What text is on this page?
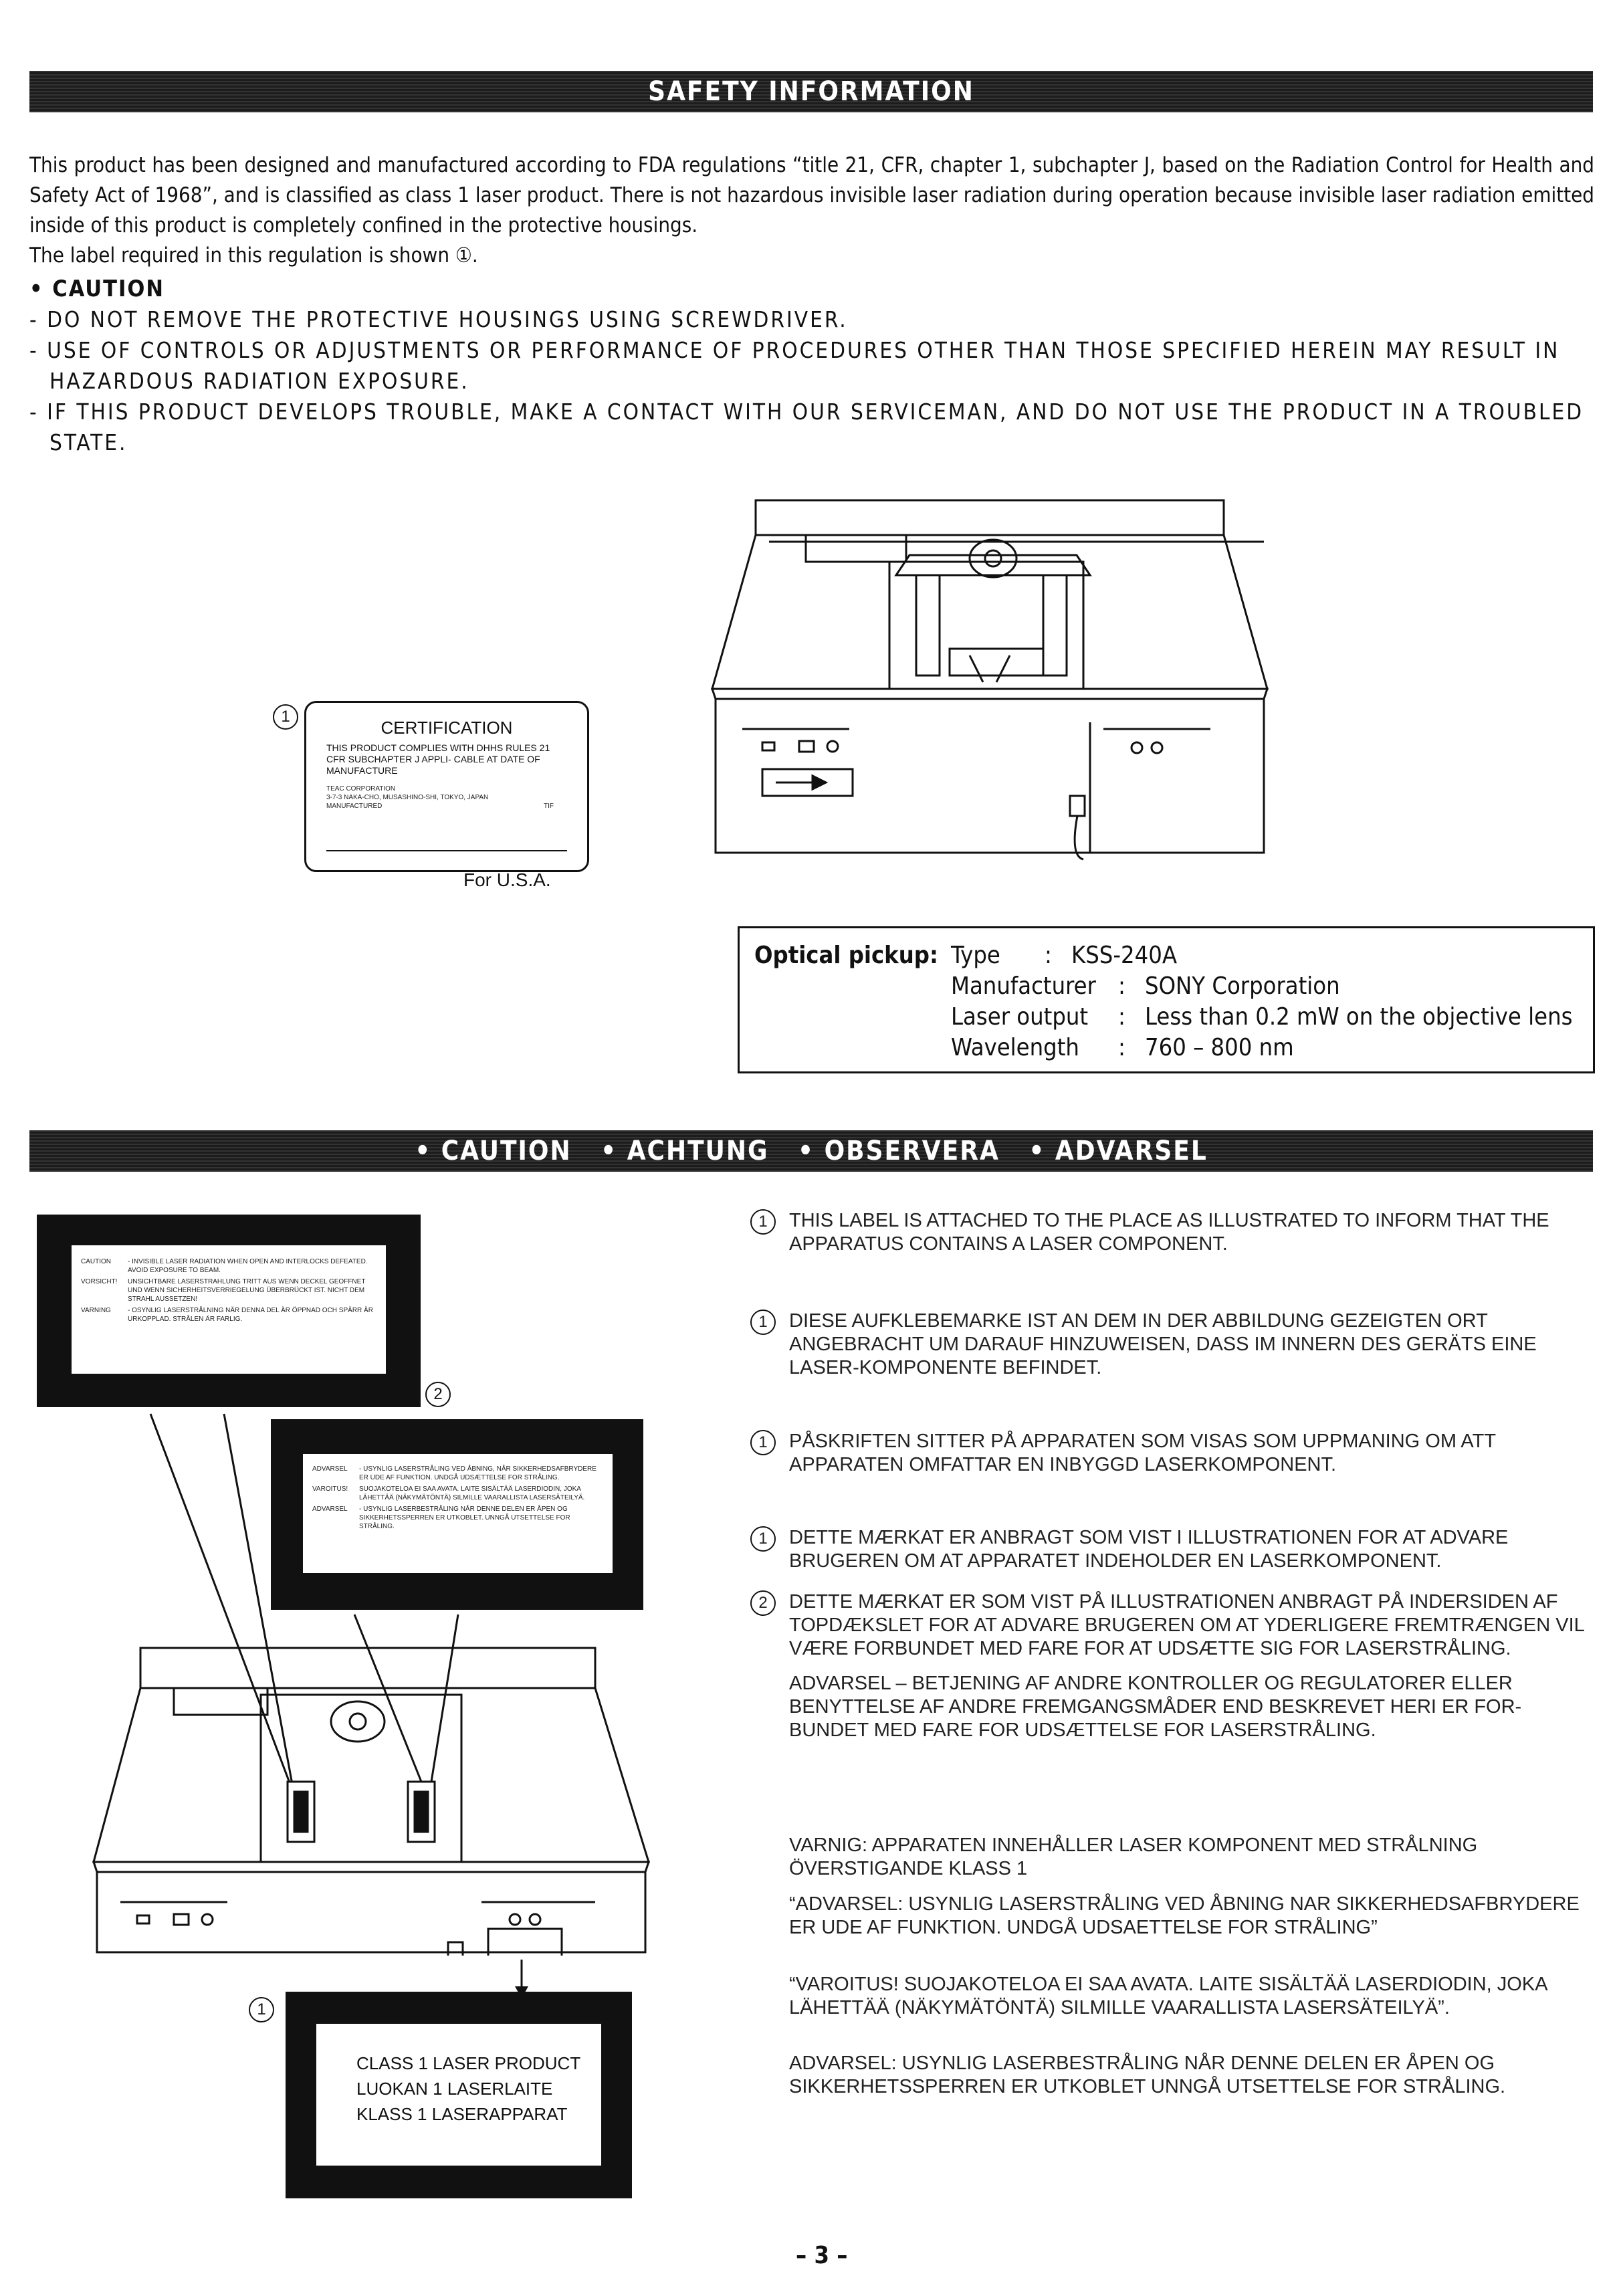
SAFETY INFORMATION

This product has been designed and manufactured according to FDA regulations “title 21, CFR, chapter 1, subchapter J, based on the Radiation Control for Health and Safety Act of 1968”, and is classified as class 1 laser product. There is not hazardous invisible laser radiation during operation because invisible laser radiation emitted inside of this product is completely confined in the protective housings.

The label required in this regulation is shown ①.

• CAUTION
- DO NOT REMOVE THE PROTECTIVE HOUSINGS USING SCREWDRIVER.
- USE OF CONTROLS OR ADJUSTMENTS OR PERFORMANCE OF PROCEDURES OTHER THAN THOSE SPECIFIED HEREIN MAY RESULT IN HAZARDOUS RADIATION EXPOSURE.
- IF THIS PRODUCT DEVELOPS TROUBLE, MAKE A CONTACT WITH OUR SERVICEMAN, AND DO NOT USE THE PRODUCT IN A TROUBLED STATE.
CERTIFICATION
THIS PRODUCT COMPLIES WITH DHHS RULES 21 CFR SUBCHAPTER J APPLI- CABLE AT DATE OF MANUFACTURE
TEAC CORPORATION
3-7-3 NAKA-CHO, MUSASHINO-SHI, TOKYO, JAPAN
MANUFACTURED	TIF
1
For U.S.A.
Optical pickup: Type : KSS-240A
Manufacturer : SONY Corporation
Laser output : Less than 0.2 mW on the objective lens
Wavelength : 760 – 800 nm
• CAUTION   • ACHTUNG   • OBSERVERA   • ADVARSEL
CAUTION	- INVISIBLE LASER RADIATION WHEN OPEN AND INTERLOCKS DEFEATED. AVOID EXPOSURE TO BEAM.
VORSICHT!	UNSICHTBARE LASERSTRAHLUNG TRITT AUS WENN DECKEL GEOFFNET UND WENN SICHERHEITSVERRIEGELUNG ÜBERBRÜCKT IST. NICHT DEM STRAHL AUSSETZEN!
VARNING	- OSYNLIG LASERSTRÅLNING NÄR DENNA DEL ÄR ÖPPNAD OCH SPÄRR ÄR URKOPPLAD. STRÅLEN ÄR FARLIG.
2
ADVARSEL	- USYNLIG LASERSTRÅLING VED ÅBNING, NÅR SIKKERHEDSAFBRYDERE ER UDE AF FUNKTION. UNDGÅ UDSÆTTELSE FOR STRÅLING.
VAROITUS!	SUOJAKOTELOA EI SAA AVATA. LAITE SISÄLTÄÄ LASERDIODIN, JOKA LÄHETTÄÄ (NÄKYMÄTÖNTÄ) SILMILLE VAARALLISTA LASERSÄTEILYÄ.
ADVARSEL	- USYNLIG LASERBESTRÅLING NÅR DENNE DELEN ER ÅPEN OG SIKKERHETSSPERREN ER UTKOBLET. UNNGÅ UTSETTELSE FOR STRÅLING.
1
CLASS 1 LASER PRODUCT
LUOKAN 1 LASERLAITE
KLASS 1 LASERAPPARAT
1	THIS LABEL IS ATTACHED TO THE PLACE AS ILLUSTRATED TO INFORM THAT THE APPARATUS CONTAINS A LASER COMPONENT.
1	DIESE AUFKLEBEMARKE IST AN DEM IN DER ABBILDUNG GEZEIGTEN ORT ANGEBRACHT UM DARAUF HINZUWEISEN, DASS IM INNERN DES GERÄTS EINE LASER-KOMPONENTE BEFINDET.
1	PÅSKRIFTEN SITTER PÅ APPARATEN SOM VISAS SOM UPPMANING OM ATT APPARATEN OMFATTAR EN INBYGGD LASERKOMPONENT.
1	DETTE MÆRKAT ER ANBRAGT SOM VIST I ILLUSTRATIONEN FOR AT ADVARE BRUGEREN OM AT APPARATET INDEHOLDER EN LASERKOMPONENT.
2	DETTE MÆRKAT ER SOM VIST PÅ ILLUSTRATIONEN ANBRAGT PÅ INDERSIDEN AF TOPDÆKSLET FOR AT ADVARE BRUGEREN OM AT YDERLIGERE FREMTRÆNGEN VIL VÆRE FORBUNDET MED FARE FOR AT UDSÆTTE SIG FOR LASERSTRÅLING.
ADVARSEL – BETJENING AF ANDRE KONTROLLER OG REGULATORER ELLER BENYTTELSE AF ANDRE FREMGANGSMÅDER END BESKREVET HERI ER FOR- BUNDET MED FARE FOR UDSÆTTELSE FOR LASERSTRÅLING.
VARNIG: APPARATEN INNEHÅLLER LASER KOMPONENT MED STRÅLNING ÖVERSTIGANDE KLASS 1
“ADVARSEL: USYNLIG LASERSTRÅLING VED ÅBNING NAR SIKKERHEDSAFBRYDERE ER UDE AF FUNKTION. UNDGÅ UDSAETTELSE FOR STRÅLING”
“VAROITUS! SUOJAKOTELOA EI SAA AVATA. LAITE SISÄLTÄÄ LASERDIODIN, JOKA LÄHETTÄÄ (NÄKYMÄTÖNTÄ) SILMILLE VAARALLISTA LASERSÄTEILYÄ”.
ADVARSEL: USYNLIG LASERBESTRÅLING NÅR DENNE DELEN ER ÅPEN OG SIKKERHETSSPERREN ER UTKOBLET UNNGÅ UTSETTELSE FOR STRÅLING.
– 3 –
